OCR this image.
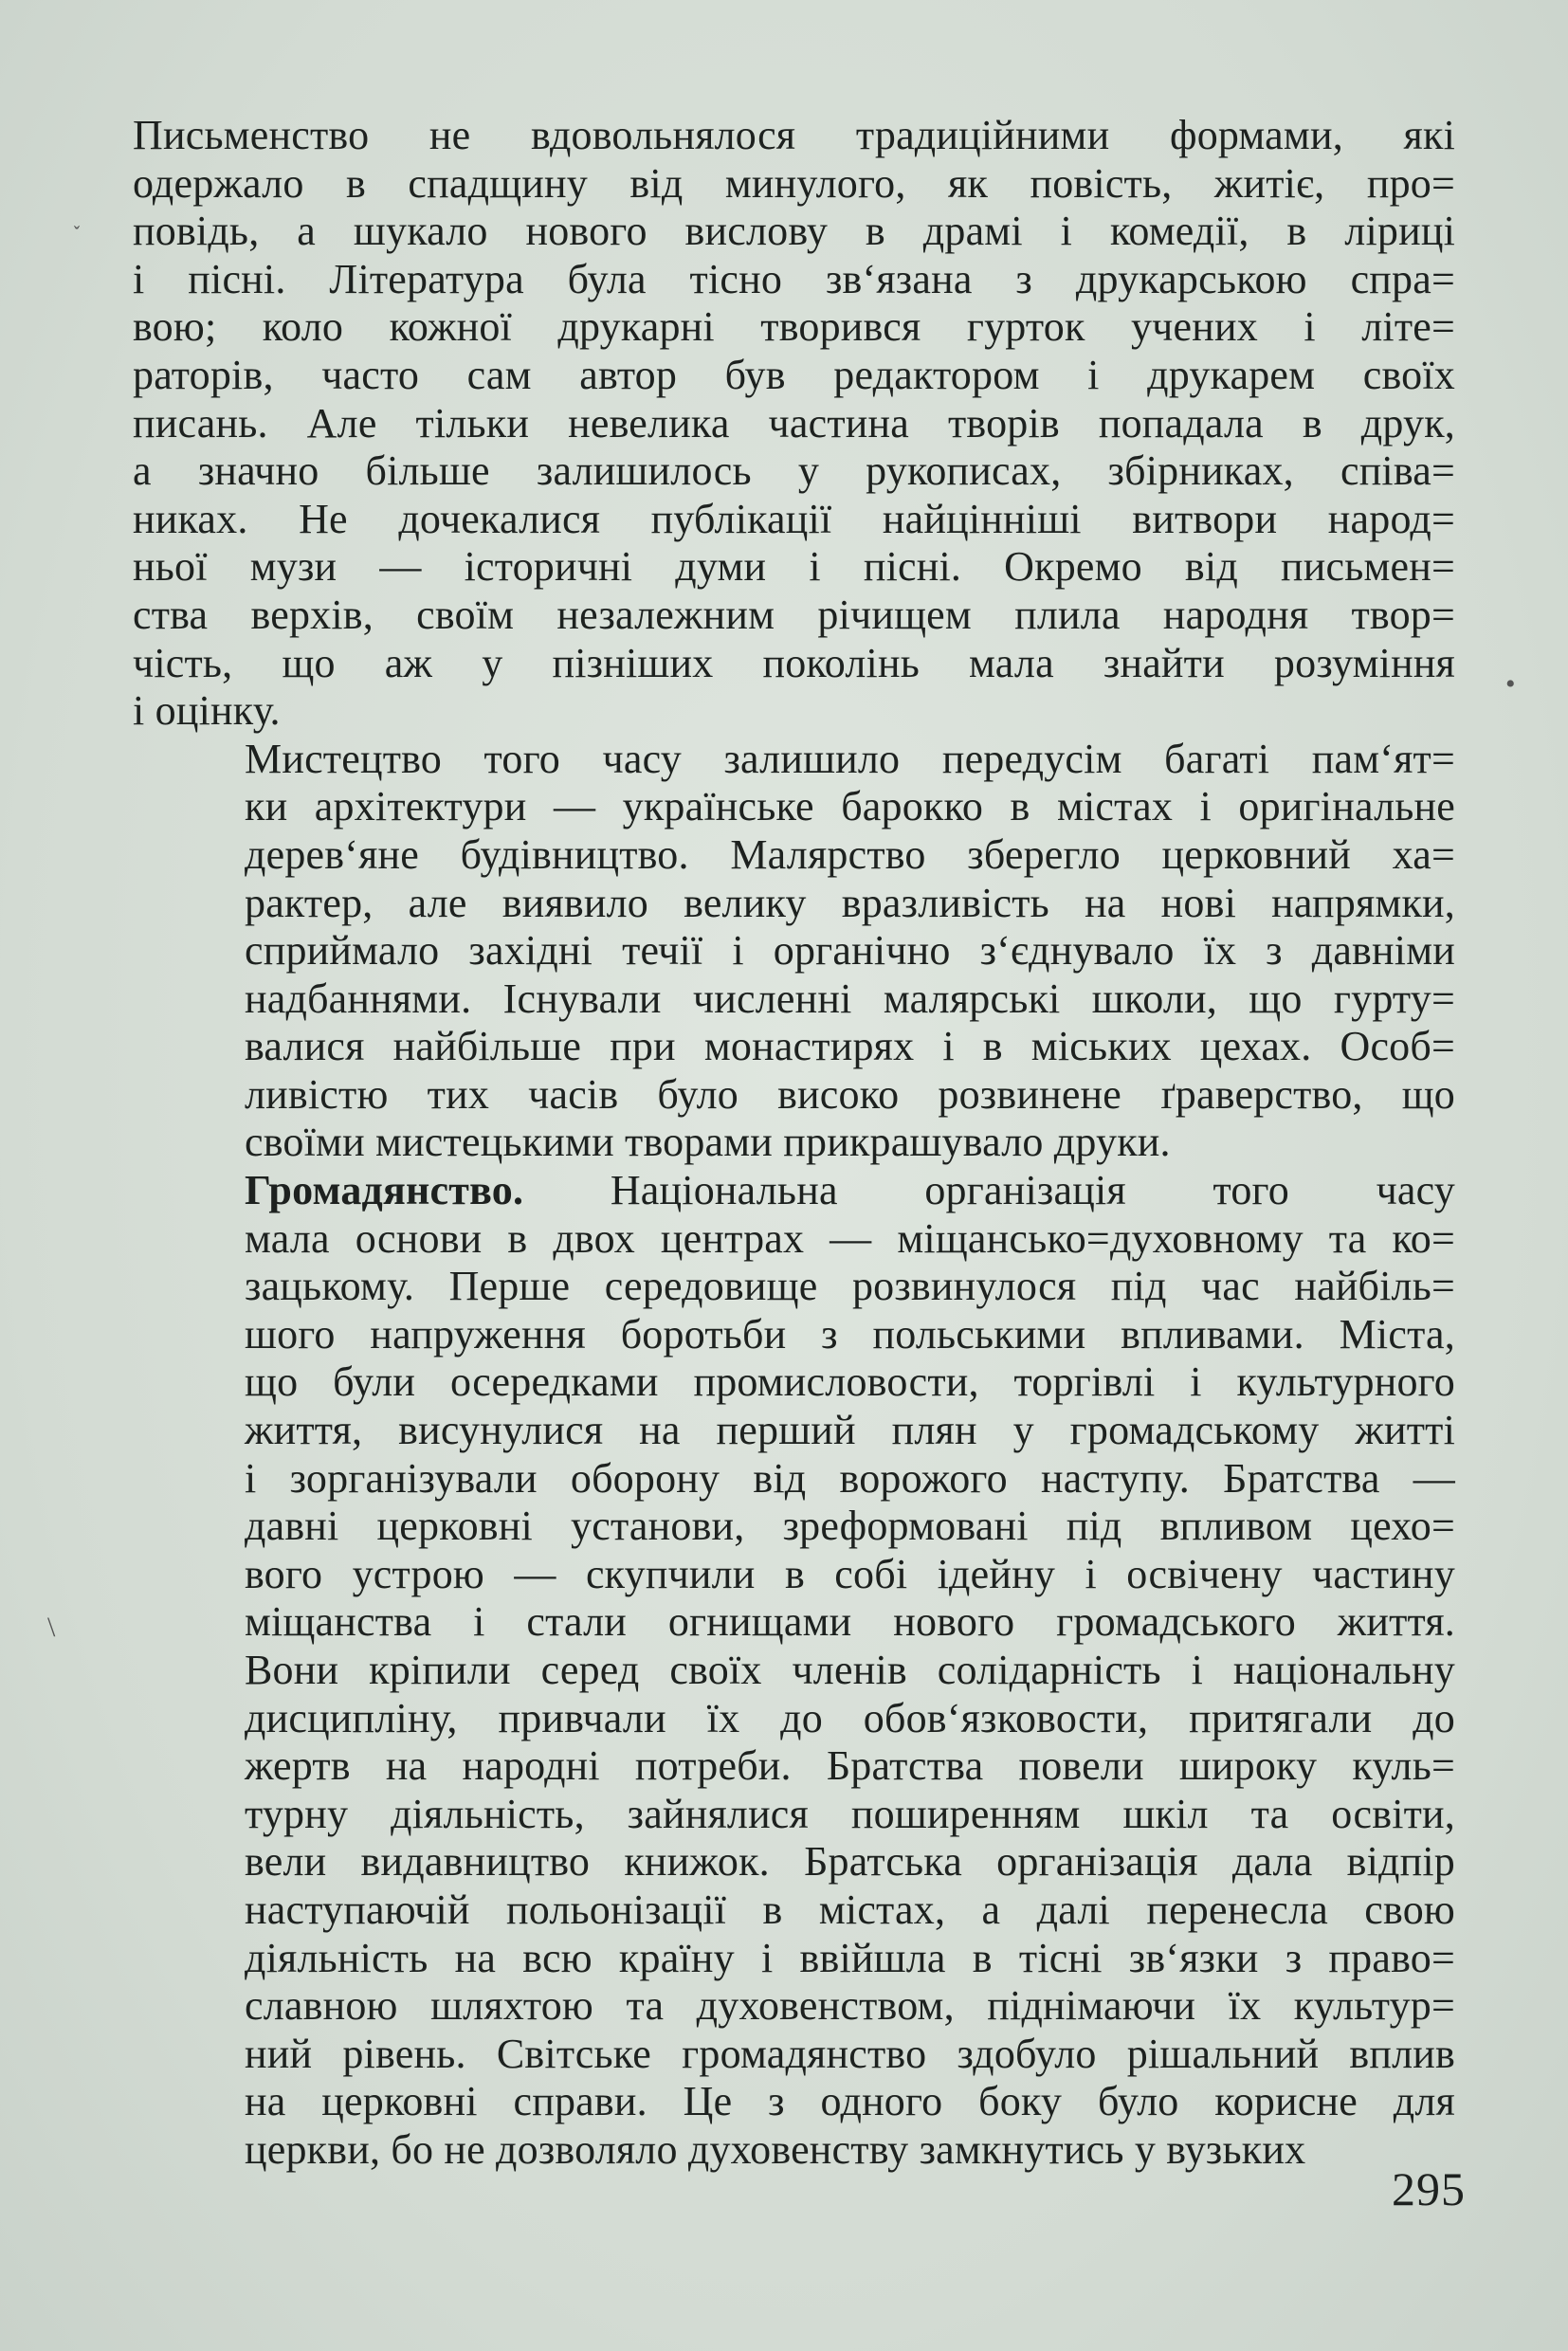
Письменство не вдовольнялося традиційними формами, які
одержало в спадщину від минулого, як повість, житіє, про=
повідь, а шукало нового вислову в драмі і комедії, в ліриці
і пісні. Література була тісно зв‘язана з друкарською спра=
вою; коло кожної друкарні творився гурток учених і літе=
раторів, часто сам автор був редактором і друкарем своїх
писань. Але тільки невелика частина творів попадала в друк,
а значно більше залишилось у рукописах, збірниках, співа=
никах. Не дочекалися публікації найцінніші витвори народ=
ньої музи — історичні думи і пісні. Окремо від письмен=
ства верхів, своїм незалежним річищем плила народня твор=
чість, що аж у пізніших поколінь мала знайти розуміння
і оцінку.

Мистецтво того часу залишило передусім багаті пам‘ят=
ки архітектури — українське барокко в містах і оригінальне
дерев‘яне будівництво. Малярство зберегло церковний ха=
рактер, але виявило велику вразливість на нові напрямки,
сприймало західні течії і органічно з‘єднувало їх з давніми
надбаннями. Існували численні малярські школи, що гурту=
валися найбільше при монастирях і в міських цехах. Особ=
ливістю тих часів було високо розвинене ґраверство, що
своїми мистецькими творами прикрашувало друки.

Громадянство. Національна організація того часу
мала основи в двох центрах — міщансько=духовному та ко=
зацькому. Перше середовище розвинулося під час найбіль=
шого напруження боротьби з польськими впливами. Міста,
що були осередками промисловости, торгівлі і культурного
життя, висунулися на перший плян у громадському житті
і зорганізували оборону від ворожого наступу. Братства —
давні церковні установи, зреформовані під впливом цехо=
вого устрою — скупчили в собі ідейну і освічену частину
міщанства і стали огнищами нового громадського життя.
Вони кріпили серед своїх членів солідарність і національну
дисципліну, привчали їх до обов‘язковости, притягали до
жертв на народні потреби. Братства повели широку куль=
турну діяльність, зайнялися поширенням шкіл та освіти,
вели видавництво книжок. Братська організація дала відпір
наступаючій польонізації в містах, а далі перенесла свою
діяльність на всю країну і ввійшла в тісні зв‘язки з право=
славною шляхтою та духовенством, піднімаючи їх культур=
ний рівень. Світське громадянство здобуло рішальний вплив
на церковні справи. Це з одного боку було корисне для
церкви, бо не дозволяло духовенству замкнутись у вузьких

295
˯
•
\
